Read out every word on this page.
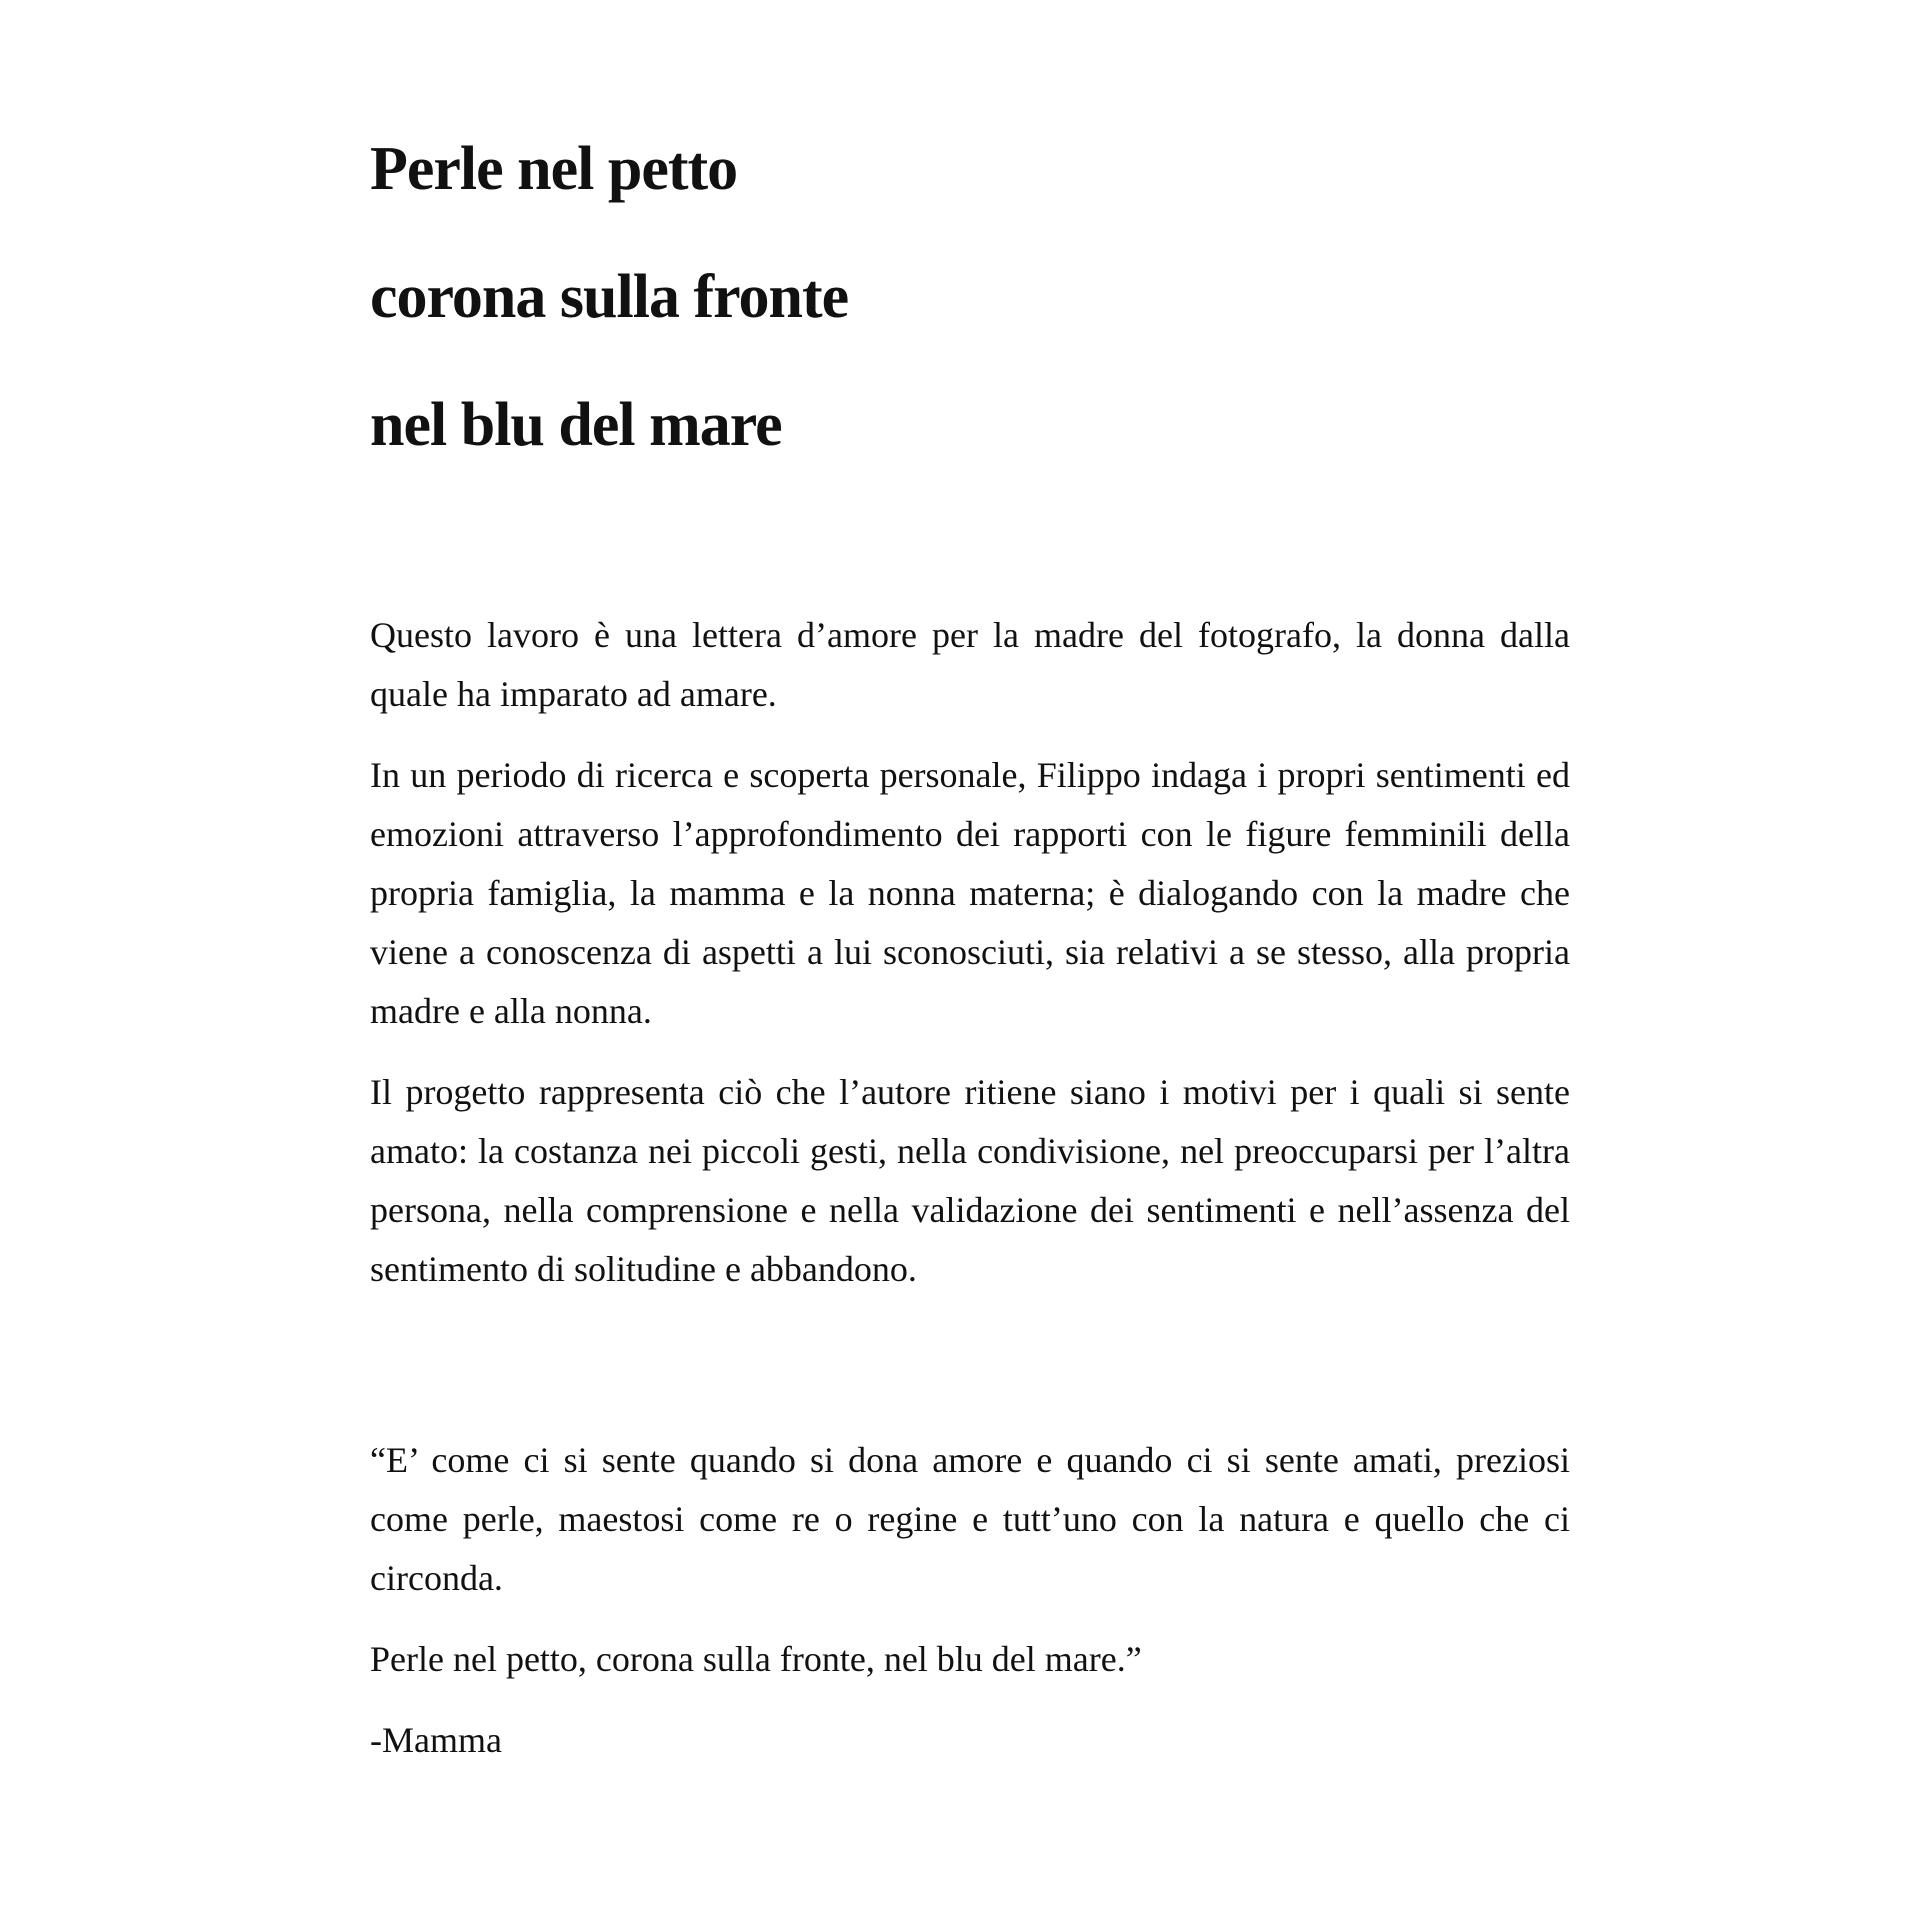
Perle nel petto
corona sulla fronte
nel blu del mare

Questo lavoro è una lettera d’amore per la madre del fotografo, la donna dalla quale ha imparato ad amare.

In un periodo di ricerca e scoperta personale, Filippo indaga i propri sentimenti ed emozioni attraverso l’approfondimento dei rapporti con le figure femminili della propria famiglia, la mamma e la nonna materna; è dialogando con la madre che viene a conoscenza di aspetti a lui sconosciuti, sia relativi a se stesso, alla propria madre e alla nonna.

Il progetto rappresenta ciò che l’autore ritiene siano i motivi per i quali si sente amato: la costanza nei piccoli gesti, nella condivisione, nel preoccuparsi per l’altra persona, nella comprensione e nella validazione dei sentimenti e nell’assenza del sentimento di solitudine e abbandono.

“E’ come ci si sente quando si dona amore e quando ci si sente amati, preziosi come perle, maestosi come re o regine e tutt’uno con la natura e quello che ci circonda.

Perle nel petto, corona sulla fronte, nel blu del mare.”

-Mamma
